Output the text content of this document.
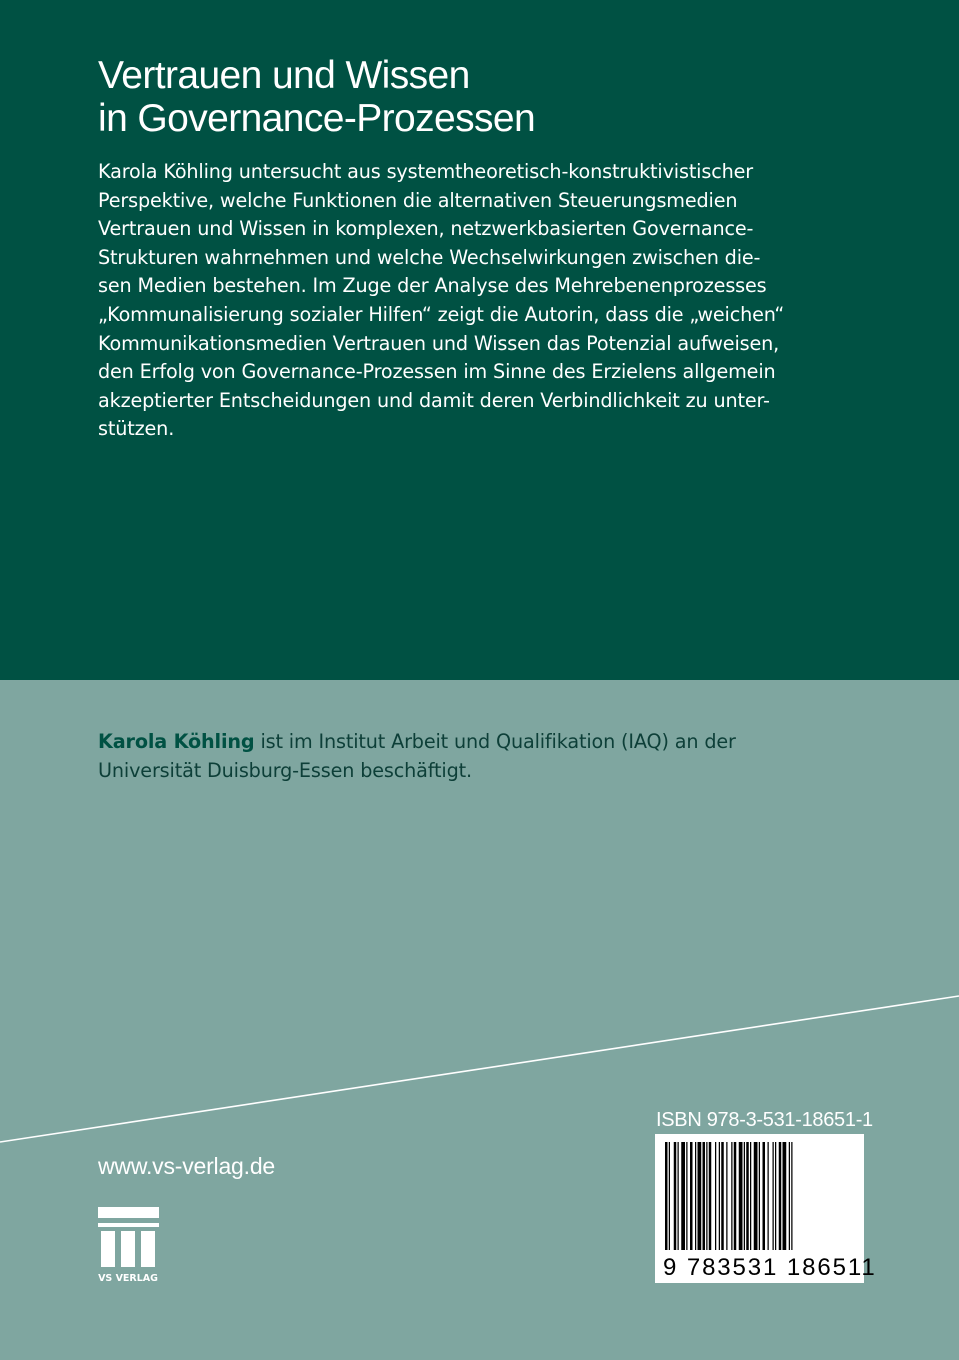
Vertrauen und Wissen
in Governance-Prozessen
Karola Köhling untersucht aus systemtheoretisch-konstruktivistischer
Perspektive, welche Funktionen die alternativen Steuerungsmedien
Vertrauen und Wissen in komplexen, netzwerkbasierten Governance-
Strukturen wahrnehmen und welche Wechselwirkungen zwischen die-
sen Medien bestehen. Im Zuge der Analyse des Mehrebenenprozesses
„Kommunalisierung sozialer Hilfen“ zeigt die Autorin, dass die „weichen“
Kommunikationsmedien Vertrauen und Wissen das Potenzial aufweisen,
den Erfolg von Governance-Prozessen im Sinne des Erzielens allgemein
akzeptierter Entscheidungen und damit deren Verbindlichkeit zu unter-
stützen.
Karola Köhling ist im Institut Arbeit und Qualifikation (IAQ) an der
Universität Duisburg-Essen beschäftigt.
www.vs-verlag.de
VS VERLAG
ISBN 978-3-531-18651-1
9 783531 186511
